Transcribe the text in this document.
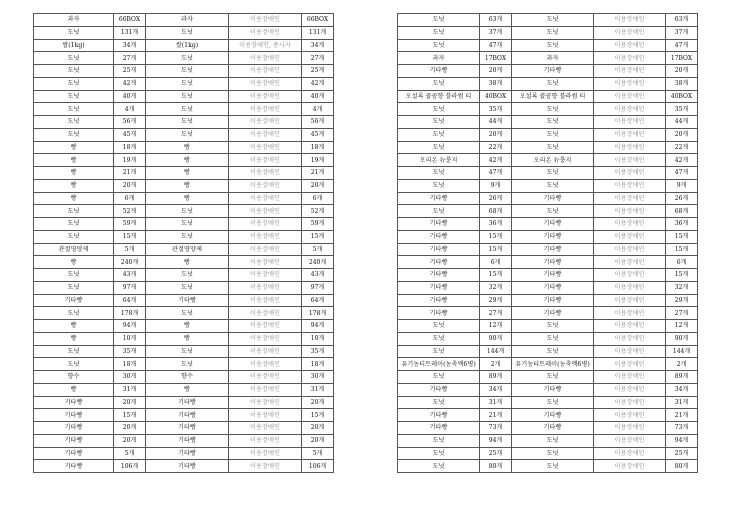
과자	66BOX	과자	이용장애인	66BOX
도넛	131개	도넛	이용장애인	131개
쌀(1kg)	34개	쌀(1kg)	이용장애인, 종사자	34개
도넛	27개	도넛	이용장애인	27개
도넛	25개	도넛	이용장애인	25개
도넛	42개	도넛	이용장애인	42개
도넛	40개	도넛	이용장애인	40개
도넛	4개	도넛	이용장애인	4개
도넛	56개	도넛	이용장애인	56개
도넛	45개	도넛	이용장애인	45개
빵	18개	빵	이용장애인	18개
빵	19개	빵	이용장애인	19개
빵	21개	빵	이용장애인	21개
빵	20개	빵	이용장애인	20개
빵	6개	빵	이용장애인	6개
도넛	52개	도넛	이용장애인	52개
도넛	59개	도넛	이용장애인	59개
도넛	15개	도넛	이용장애인	15개
관절영양제	5개	관절영양제	이용장애인	5개
빵	240개	빵	이용장애인	240개
도넛	43개	도넛	이용장애인	43개
도넛	97개	도넛	이용장애인	97개
기타빵	64개	기타빵	이용장애인	64개
도넛	178개	도넛	이용장애인	178개
빵	94개	빵	이용장애인	94개
빵	10개	빵	이용장애인	10개
도넛	35개	도넛	이용장애인	35개
도넛	18개	도넛	이용장애인	18개
향수	30개	향수	이용장애인	30개
빵	31개	빵	이용장애인	31개
기타빵	20개	기타빵	이용장애인	20개
기타빵	15개	기타빵	이용장애인	15개
기타빵	20개	기타빵	이용장애인	20개
기타빵	20개	기타빵	이용장애인	20개
기타빵	5개	기타빵	이용장애인	5개
기타빵	106개	기타빵	이용장애인	106개
도넛	63개	도넛	이용장애인	63개
도넛	37개	도넛	이용장애인	37개
도넛	47개	도넛	이용장애인	47개
과자	17BOX	과자	이용장애인	17BOX
기타빵	20개	기타빵	이용장애인	20개
도넛	38개	도넛	이용장애인	38개
오설록 콜콤향 블라썸 티	40BOX	오설록 콜콤향 블라썸 티	이용장애인	40BOX
도넛	35개	도넛	이용장애인	35개
도넛	44개	도넛	이용장애인	44개
도넛	20개	도넛	이용장애인	20개
도넛	22개	도넛	이용장애인	22개
오리온 뉴룽지	42개	오리온 뉴룽지	이용장애인	42개
도넛	47개	도넛	이용장애인	47개
도넛	9개	도넛	이용장애인	9개
기타빵	26개	기타빵	이용장애인	26개
도넛	68개	도넛	이용장애인	68개
기타빵	36개	기타빵	이용장애인	36개
기타빵	15개	기타빵	이용장애인	15개
기타빵	15개	기타빵	이용장애인	15개
기타빵	6개	기타빵	이용장애인	6개
기타빵	15개	기타빵	이용장애인	15개
기타빵	32개	기타빵	이용장애인	32개
기타빵	29개	기타빵	이용장애인	29개
기타빵	27개	기타빵	이용장애인	27개
도넛	12개	도넛	이용장애인	12개
도넛	90개	도넛	이용장애인	90개
도넛	144개	도넛	이용장애인	144개
유기농티트레이(농축액6병)	2개	유기농티트레이(농축액6병)	이용장애인	2개
도넛	89개	도넛	이용장애인	89개
기타빵	34개	기타빵	이용장애인	34개
도넛	31개	도넛	이용장애인	31개
기타빵	21개	기타빵	이용장애인	21개
기타빵	73개	기타빵	이용장애인	73개
도넛	94개	도넛	이용장애인	94개
도넛	25개	도넛	이용장애인	25개
도넛	80개	도넛	이용장애인	80개
